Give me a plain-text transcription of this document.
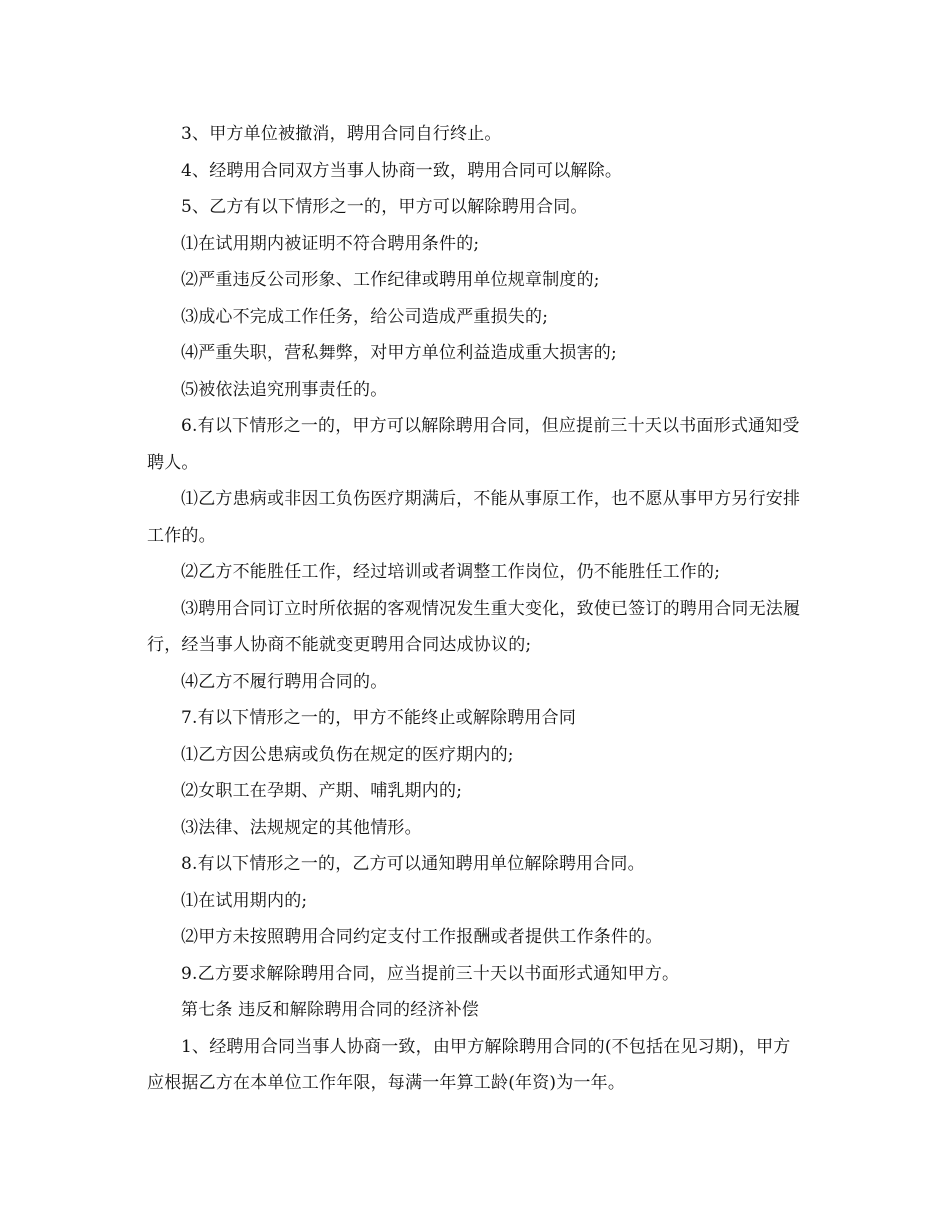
3、甲方单位被撤消，聘用合同自行终止。

4、经聘用合同双方当事人协商一致，聘用合同可以解除。

5、乙方有以下情形之一的，甲方可以解除聘用合同。

⑴在试用期内被证明不符合聘用条件的;

⑵严重违反公司形象、工作纪律或聘用单位规章制度的;

⑶成心不完成工作任务，给公司造成严重损失的;

⑷严重失职，营私舞弊，对甲方单位利益造成重大损害的;

⑸被依法追究刑事责任的。

6.有以下情形之一的，甲方可以解除聘用合同，但应提前三十天以书面形式通知受聘人。

⑴乙方患病或非因工负伤医疗期满后，不能从事原工作，也不愿从事甲方另行安排工作的。

⑵乙方不能胜任工作，经过培训或者调整工作岗位，仍不能胜任工作的;

⑶聘用合同订立时所依据的客观情况发生重大变化，致使已签订的聘用合同无法履行，经当事人协商不能就变更聘用合同达成协议的;

⑷乙方不履行聘用合同的。

7.有以下情形之一的，甲方不能终止或解除聘用合同

⑴乙方因公患病或负伤在规定的医疗期内的;

⑵女职工在孕期、产期、哺乳期内的;

⑶法律、法规规定的其他情形。

8.有以下情形之一的，乙方可以通知聘用单位解除聘用合同。

⑴在试用期内的;

⑵甲方未按照聘用合同约定支付工作报酬或者提供工作条件的。

9.乙方要求解除聘用合同，应当提前三十天以书面形式通知甲方。

第七条 违反和解除聘用合同的经济补偿

1、经聘用合同当事人协商一致，由甲方解除聘用合同的(不包括在见习期)，甲方应根据乙方在本单位工作年限，每满一年算工龄(年资)为一年。
